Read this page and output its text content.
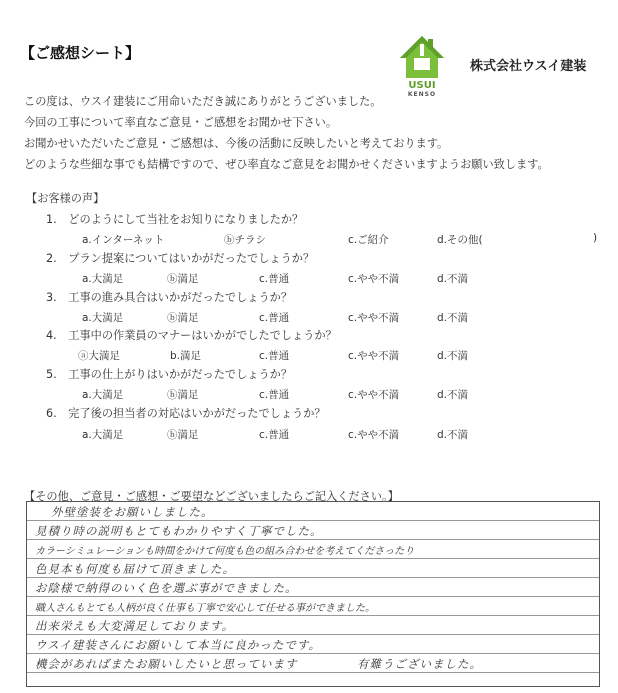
【ご感想シート】
USUI
KENSO
株式会社ウスイ建装
この度は、ウスイ建装にご用命いただき誠にありがとうございました。
今回の工事について率直なご意見・ご感想をお聞かせ下さい。
お聞かせいただいたご意見・ご感想は、今後の活動に反映したいと考えております。
どのような些細な事でも結構ですので、ぜひ率直なご意見をお聞かせくださいますようお願い致します。
【お客様の声】
1. どのようにして当社をお知りになりましたか？
a.インターネット	ⓑチラシ	c.ご紹介	d.その他(	)
2. プラン提案についてはいかがだったでしょうか？
a.大満足	ⓑ満足	c.普通	c.やや不満	d.不満
3. 工事の進み具合はいかがだったでしょうか？
a.大満足	ⓑ満足	c.普通	c.やや不満	d.不満
4. 工事中の作業員のマナーはいかがでしたでしょうか？
ⓐ大満足	b.満足	c.普通	c.やや不満	d.不満
5. 工事の仕上がりはいかがだったでしょうか？
a.大満足	ⓑ満足	c.普通	c.やや不満	d.不満
6. 完了後の担当者の対応はいかがだったでしょうか？
a.大満足	ⓑ満足	c.普通	c.やや不満	d.不満
【その他、ご意見・ご感想・ご要望などございましたらご記入ください。】
外壁塗装をお願いしました。
見積り時の説明もとてもわかりやすく丁寧でした。
カラーシミュレーションも時間をかけて何度も色の組み合わせを考えてくださったり
色見本も何度も届けて頂きました。
お陰様で納得のいく色を選ぶ事ができました。
職人さんもとても人柄が良く仕事も丁寧で安心して任せる事ができました。
出来栄えも大変満足しております。
ウスイ建装さんにお願いして本当に良かったです。
機会があればまたお願いしたいと思っています	有難うございました。
